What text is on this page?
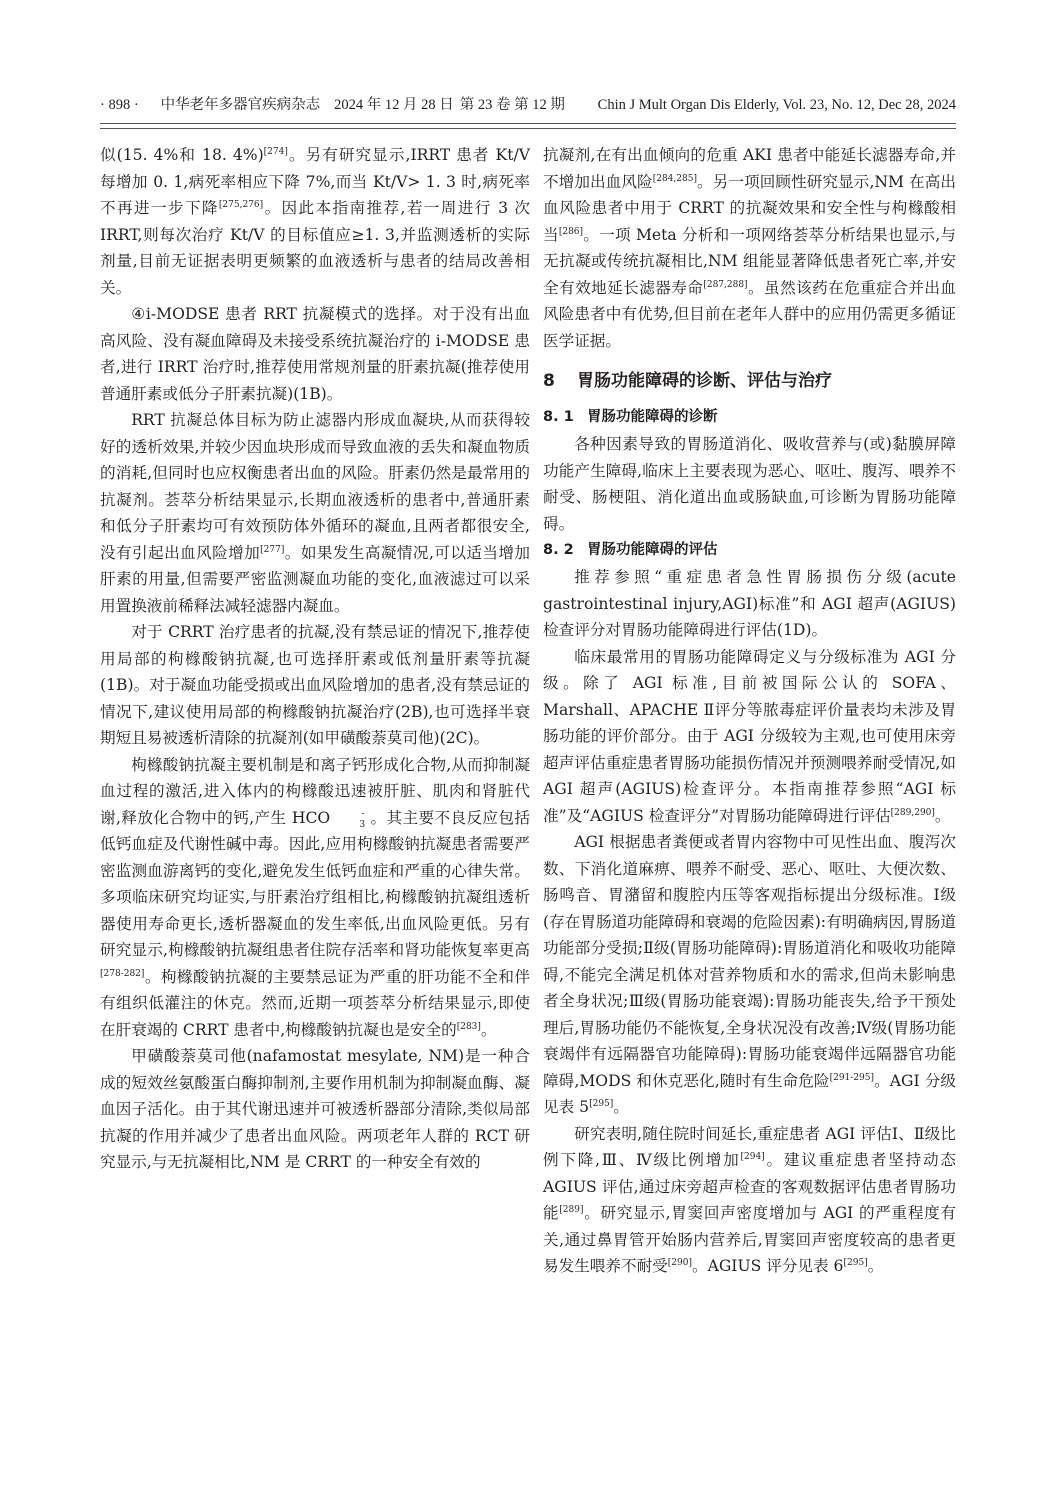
· 898 · 中华老年多器官疾病杂志 2024 年 12 月 28 日 第 23 卷 第 12 期 Chin J Mult Organ Dis Elderly, Vol. 23, No. 12, Dec 28, 2024

似(15. 4%和 18. 4%)[274]。另有研究显示,IRRT 患者 Kt/V 每增加 0. 1,病死率相应下降 7%,而当 Kt/V> 1. 3 时,病死率不再进一步下降[275,276]。因此本指南推荐,若一周进行 3 次 IRRT,则每次治疗 Kt/V 的目标值应≥1. 3,并监测透析的实际剂量,目前无证据表明更频繁的血液透析与患者的结局改善相关。

④i-MODSE 患者 RRT 抗凝模式的选择。对于没有出血高风险、没有凝血障碍及未接受系统抗凝治疗的 i-MODSE 患者,进行 IRRT 治疗时,推荐使用常规剂量的肝素抗凝(推荐使用普通肝素或低分子肝素抗凝)(1B)。

RRT 抗凝总体目标为防止滤器内形成血凝块,从而获得较好的透析效果,并较少因血块形成而导致血液的丢失和凝血物质的消耗,但同时也应权衡患者出血的风险。肝素仍然是最常用的抗凝剂。荟萃分析结果显示,长期血液透析的患者中,普通肝素和低分子肝素均可有效预防体外循环的凝血,且两者都很安全,没有引起出血风险增加[277]。如果发生高凝情况,可以适当增加肝素的用量,但需要严密监测凝血功能的变化,血液滤过可以采用置换液前稀释法减轻滤器内凝血。

对于 CRRT 治疗患者的抗凝,没有禁忌证的情况下,推荐使用局部的枸橼酸钠抗凝,也可选择肝素或低剂量肝素等抗凝(1B)。对于凝血功能受损或出血风险增加的患者,没有禁忌证的情况下,建议使用局部的枸橼酸钠抗凝治疗(2B),也可选择半衰期短且易被透析清除的抗凝剂(如甲磺酸萘莫司他)(2C)。

枸橼酸钠抗凝主要机制是和离子钙形成化合物,从而抑制凝血过程的激活,进入体内的枸橼酸迅速被肝脏、肌肉和肾脏代谢,释放化合物中的钙,产生 HCO	-3 。其主要不良反应包括低钙血症及代谢性碱中毒。因此,应用枸橼酸钠抗凝患者需要严密监测血游离钙的变化,避免发生低钙血症和严重的心律失常。多项临床研究均证实,与肝素治疗组相比,枸橼酸钠抗凝组透析器使用寿命更长,透析器凝血的发生率低,出血风险更低。另有研究显示,枸橼酸钠抗凝组患者住院存活率和肾功能恢复率更高[278-282]。枸橼酸钠抗凝的主要禁忌证为严重的肝功能不全和伴有组织低灌注的休克。然而,近期一项荟萃分析结果显示,即使在肝衰竭的 CRRT 患者中,枸橼酸钠抗凝也是安全的[283]。

甲磺酸萘莫司他(nafamostat mesylate, NM)是一种合成的短效丝氨酸蛋白酶抑制剂,主要作用机制为抑制凝血酶、凝血因子活化。由于其代谢迅速并可被透析器部分清除,类似局部抗凝的作用并减少了患者出血风险。两项老年人群的 RCT 研究显示,与无抗凝相比,NM 是 CRRT 的一种安全有效的

抗凝剂,在有出血倾向的危重 AKI 患者中能延长滤器寿命,并不增加出血风险[284,285]。另一项回顾性研究显示,NM 在高出血风险患者中用于 CRRT 的抗凝效果和安全性与枸橼酸相当[286]。一项 Meta 分析和一项网络荟萃分析结果也显示,与无抗凝或传统抗凝相比,NM 组能显著降低患者死亡率,并安全有效地延长滤器寿命[287,288]。虽然该药在危重症合并出血风险患者中有优势,但目前在老年人群中的应用仍需更多循证医学证据。

8 胃肠功能障碍的诊断、评估与治疗
8. 1 胃肠功能障碍的诊断

各种因素导致的胃肠道消化、吸收营养与(或)黏膜屏障功能产生障碍,临床上主要表现为恶心、呕吐、腹泻、喂养不耐受、肠梗阻、消化道出血或肠缺血,可诊断为胃肠功能障碍。

8. 2 胃肠功能障碍的评估

推荐参照“重症患者急性胃肠损伤分级(acute gastrointestinal injury,AGI)标准”和 AGI 超声(AGIUS)检查评分对胃肠功能障碍进行评估(1D)。

临床最常用的胃肠功能障碍定义与分级标准为 AGI 分级。除了 AGI 标准,目前被国际公认的 SOFA、Marshall、APACHE Ⅱ评分等脓毒症评价量表均未涉及胃肠功能的评价部分。由于 AGI 分级较为主观,也可使用床旁超声评估重症患者胃肠功能损伤情况并预测喂养耐受情况,如 AGI 超声(AGIUS)检查评分。本指南推荐参照“AGI 标准”及“AGIUS 检查评分”对胃肠功能障碍进行评估[289,290]。

AGI 根据患者粪便或者胃内容物中可见性出血、腹泻次数、下消化道麻痹、喂养不耐受、恶心、呕吐、大便次数、肠鸣音、胃潴留和腹腔内压等客观指标提出分级标准。Ⅰ级(存在胃肠道功能障碍和衰竭的危险因素):有明确病因,胃肠道功能部分受损;Ⅱ级(胃肠功能障碍):胃肠道消化和吸收功能障碍,不能完全满足机体对营养物质和水的需求,但尚未影响患者全身状况;Ⅲ级(胃肠功能衰竭):胃肠功能丧失,给予干预处理后,胃肠功能仍不能恢复,全身状况没有改善;Ⅳ级(胃肠功能衰竭伴有远隔器官功能障碍):胃肠功能衰竭伴远隔器官功能障碍,MODS 和休克恶化,随时有生命危险[291-295]。AGI 分级见表 5[295]。

研究表明,随住院时间延长,重症患者 AGI 评估Ⅰ、Ⅱ级比例下降,Ⅲ、Ⅳ级比例增加[294]。建议重症患者坚持动态 AGIUS 评估,通过床旁超声检查的客观数据评估患者胃肠功能[289]。研究显示,胃窦回声密度增加与 AGI 的严重程度有关,通过鼻胃管开始肠内营养后,胃窦回声密度较高的患者更易发生喂养不耐受[290]。AGIUS 评分见表 6[295]。
